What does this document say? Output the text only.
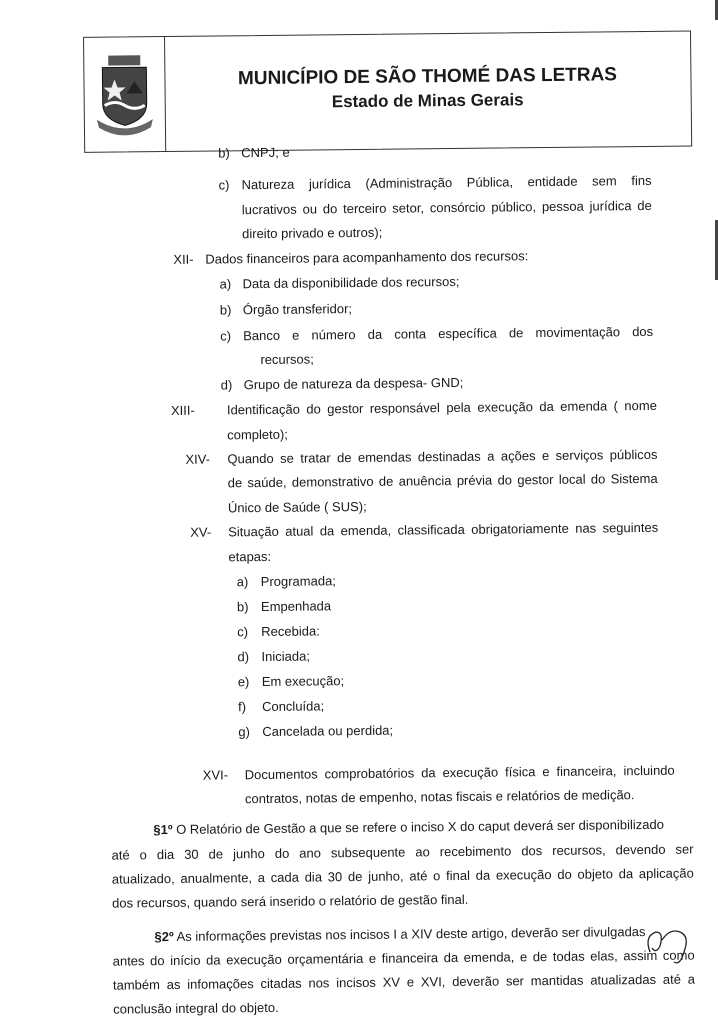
MUNICÍPIO DE SÃO THOMÉ DAS LETRAS
Estado de Minas Gerais
b) CNPJ; e
c) Natureza jurídica (Administração Pública, entidade sem fins
lucrativos ou do terceiro setor, consórcio público, pessoa jurídica de
direito privado e outros);
XII- Dados financeiros para acompanhamento dos recursos:
a) Data da disponibilidade dos recursos;
b) Órgão transferidor;
c) Banco e número da conta específica de movimentação dos
recursos;
d) Grupo de natureza da despesa- GND;
XIII- Identificação do gestor responsável pela execução da emenda ( nome
completo);
XIV- Quando se tratar de emendas destinadas a ações e serviços públicos
de saúde, demonstrativo de anuência prévia do gestor local do Sistema
Único de Saúde ( SUS);
XV- Situação atual da emenda, classificada obrigatoriamente nas seguintes
etapas:
a) Programada;
b) Empenhada
c) Recebida:
d) Iniciada;
e) Em execução;
f) Concluída;
g) Cancelada ou perdida;
XVI- Documentos comprobatórios da execução física e financeira, incluindo
contratos, notas de empenho, notas fiscais e relatórios de medição.
§1º O Relatório de Gestão a que se refere o inciso X do caput deverá ser disponibilizado
até o dia 30 de junho do ano subsequente ao recebimento dos recursos, devendo ser
atualizado, anualmente, a cada dia 30 de junho, até o final da execução do objeto da aplicação
dos recursos, quando será inserido o relatório de gestão final.
§2º As informações previstas nos incisos I a XIV deste artigo, deverão ser divulgadas
antes do início da execução orçamentária e financeira da emenda, e de todas elas, assim como
também as infomações citadas nos incisos XV e XVI, deverão ser mantidas atualizadas até a
conclusão integral do objeto.
